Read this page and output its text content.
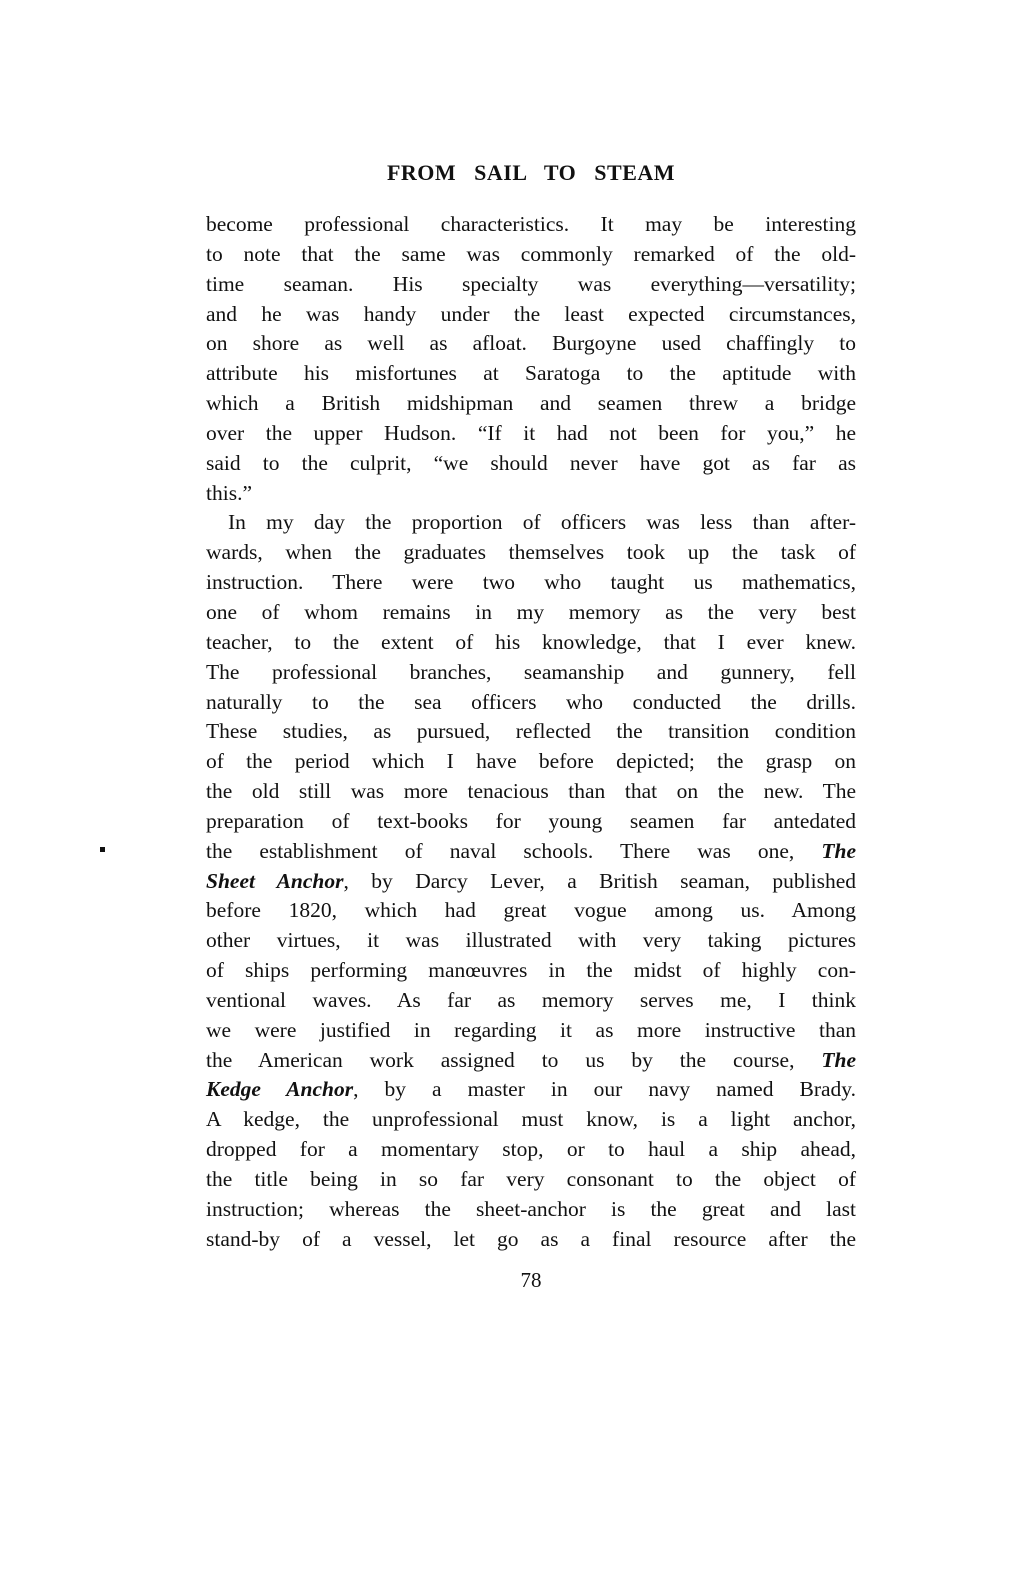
FROM SAIL TO STEAM
become professional characteristics. It may be interesting
to note that the same was commonly remarked of the old-
time seaman. His specialty was everything—versatility;
and he was handy under the least expected circumstances,
on shore as well as afloat. Burgoyne used chaffingly to
attribute his misfortunes at Saratoga to the aptitude with
which a British midshipman and seamen threw a bridge
over the upper Hudson. “If it had not been for you,” he
said to the culprit, “we should never have got as far as
this.”
In my day the proportion of officers was less than after-
wards, when the graduates themselves took up the task of
instruction. There were two who taught us mathematics,
one of whom remains in my memory as the very best
teacher, to the extent of his knowledge, that I ever knew.
The professional branches, seamanship and gunnery, fell
naturally to the sea officers who conducted the drills.
These studies, as pursued, reflected the transition condition
of the period which I have before depicted; the grasp on
the old still was more tenacious than that on the new. The
preparation of text-books for young seamen far antedated
the establishment of naval schools. There was one, The
Sheet Anchor, by Darcy Lever, a British seaman, published
before 1820, which had great vogue among us. Among
other virtues, it was illustrated with very taking pictures
of ships performing manœuvres in the midst of highly con-
ventional waves. As far as memory serves me, I think
we were justified in regarding it as more instructive than
the American work assigned to us by the course, The
Kedge Anchor, by a master in our navy named Brady.
A kedge, the unprofessional must know, is a light anchor,
dropped for a momentary stop, or to haul a ship ahead,
the title being in so far very consonant to the object of
instruction; whereas the sheet-anchor is the great and last
stand-by of a vessel, let go as a final resource after the
78
